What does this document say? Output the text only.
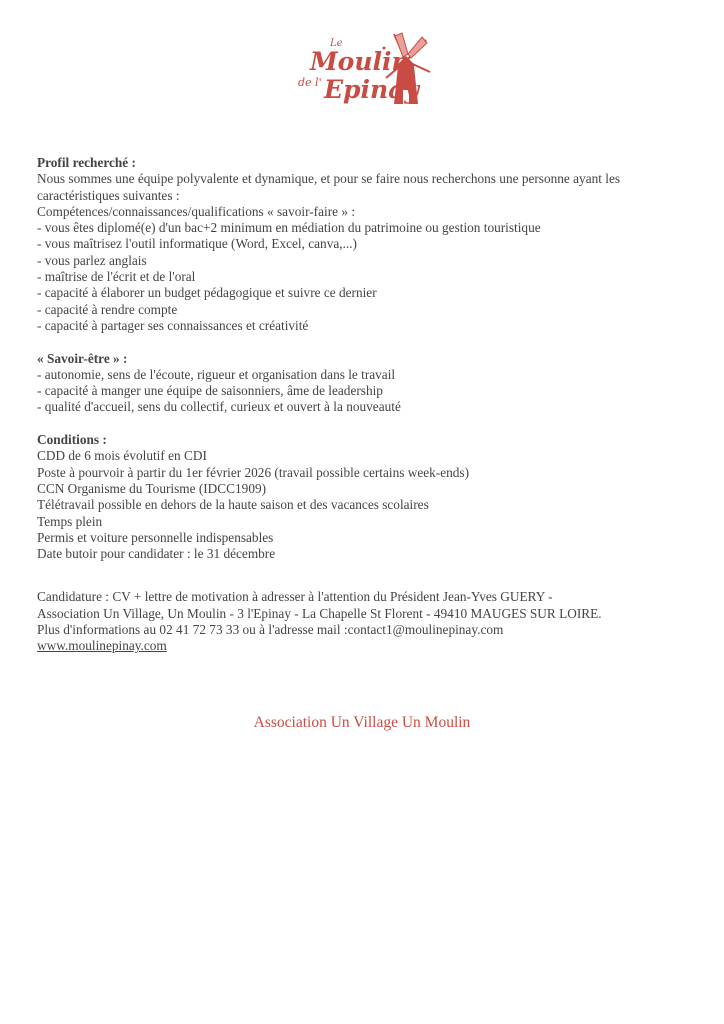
Le
Moulin
de l' Epinay
Profil recherché :
Nous sommes une équipe polyvalente et dynamique, et pour se faire nous recherchons une personne ayant les caractéristiques suivantes :
Compétences/connaissances/qualifications « savoir-faire » :
- vous êtes diplomé(e) d'un bac+2 minimum en médiation du patrimoine ou gestion touristique
- vous maîtrisez l'outil informatique (Word, Excel, canva,...)
- vous parlez anglais
- maîtrise de l'écrit et de l'oral
- capacité à élaborer un budget pédagogique et suivre ce dernier
- capacité à rendre compte
- capacité à partager ses connaissances et créativité
« Savoir-être » :
- autonomie, sens de l'écoute, rigueur et organisation dans le travail
- capacité à manger une équipe de saisonniers, âme de leadership
- qualité d'accueil, sens du collectif, curieux et ouvert à la nouveauté
Conditions :
CDD de 6 mois évolutif en CDI
Poste à pourvoir à partir du 1er février 2026 (travail possible certains week-ends)
CCN Organisme du Tourisme (IDCC1909)
Télétravail possible en dehors de la haute saison et des vacances scolaires
Temps plein
Permis et voiture personnelle indispensables
Date butoir pour candidater : le 31 décembre
Candidature : CV + lettre de motivation à adresser à l'attention du Président Jean-Yves GUERY -
Association Un Village, Un Moulin - 3 l'Epinay - La Chapelle St Florent - 49410 MAUGES SUR LOIRE.
Plus d'informations au 02 41 72 73 33 ou à l'adresse mail :contact1@moulinepinay.com
www.moulinepinay.com
Association Un Village Un Moulin
